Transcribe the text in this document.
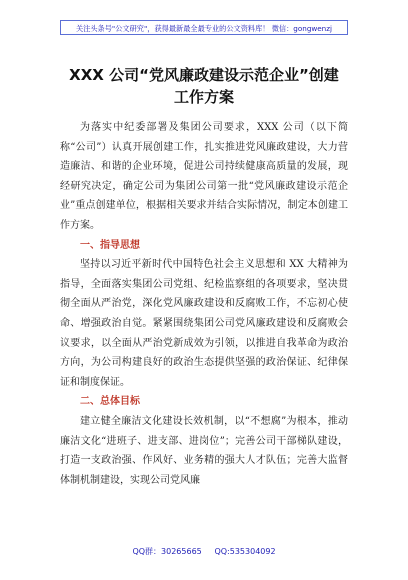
关注头条号"公文研究"，获得最新最全最专业的公文资料库！ 微信：gongwenzj
XXX 公司“党风廉政建设示范企业”创建
工作方案

为落实中纪委部署及集团公司要求，XXX 公司（以下简称“公司”）认真开展创建工作，扎实推进党风廉政建设，大力营造廉洁、和谐的企业环境，促进公司持续健康高质量的发展，现经研究决定，确定公司为集团公司第一批“党风廉政建设示范企业”重点创建单位，根据相关要求并结合实际情况，制定本创建工作方案。

一、指导思想

坚持以习近平新时代中国特色社会主义思想和 XX 大精神为指导，全面落实集团公司党组、纪检监察组的各项要求，坚决贯彻全面从严治党，深化党风廉政建设和反腐败工作，不忘初心使命、增强政治自觉。紧紧围绕集团公司党风廉政建设和反腐败会议要求，以全面从严治党新成效为引领，以推进自我革命为政治方向，为公司构建良好的政治生态提供坚强的政治保证、纪律保证和制度保证。

二、总体目标

建立健全廉洁文化建设长效机制，以“不想腐”为根本，推动廉洁文化“进班子、进支部、进岗位”；完善公司干部梯队建设，打造一支政治强、作风好、业务精的强大人才队伍；完善大监督体制机制建设，实现公司党风廉

QQ群：30265665     QQ:535304092
